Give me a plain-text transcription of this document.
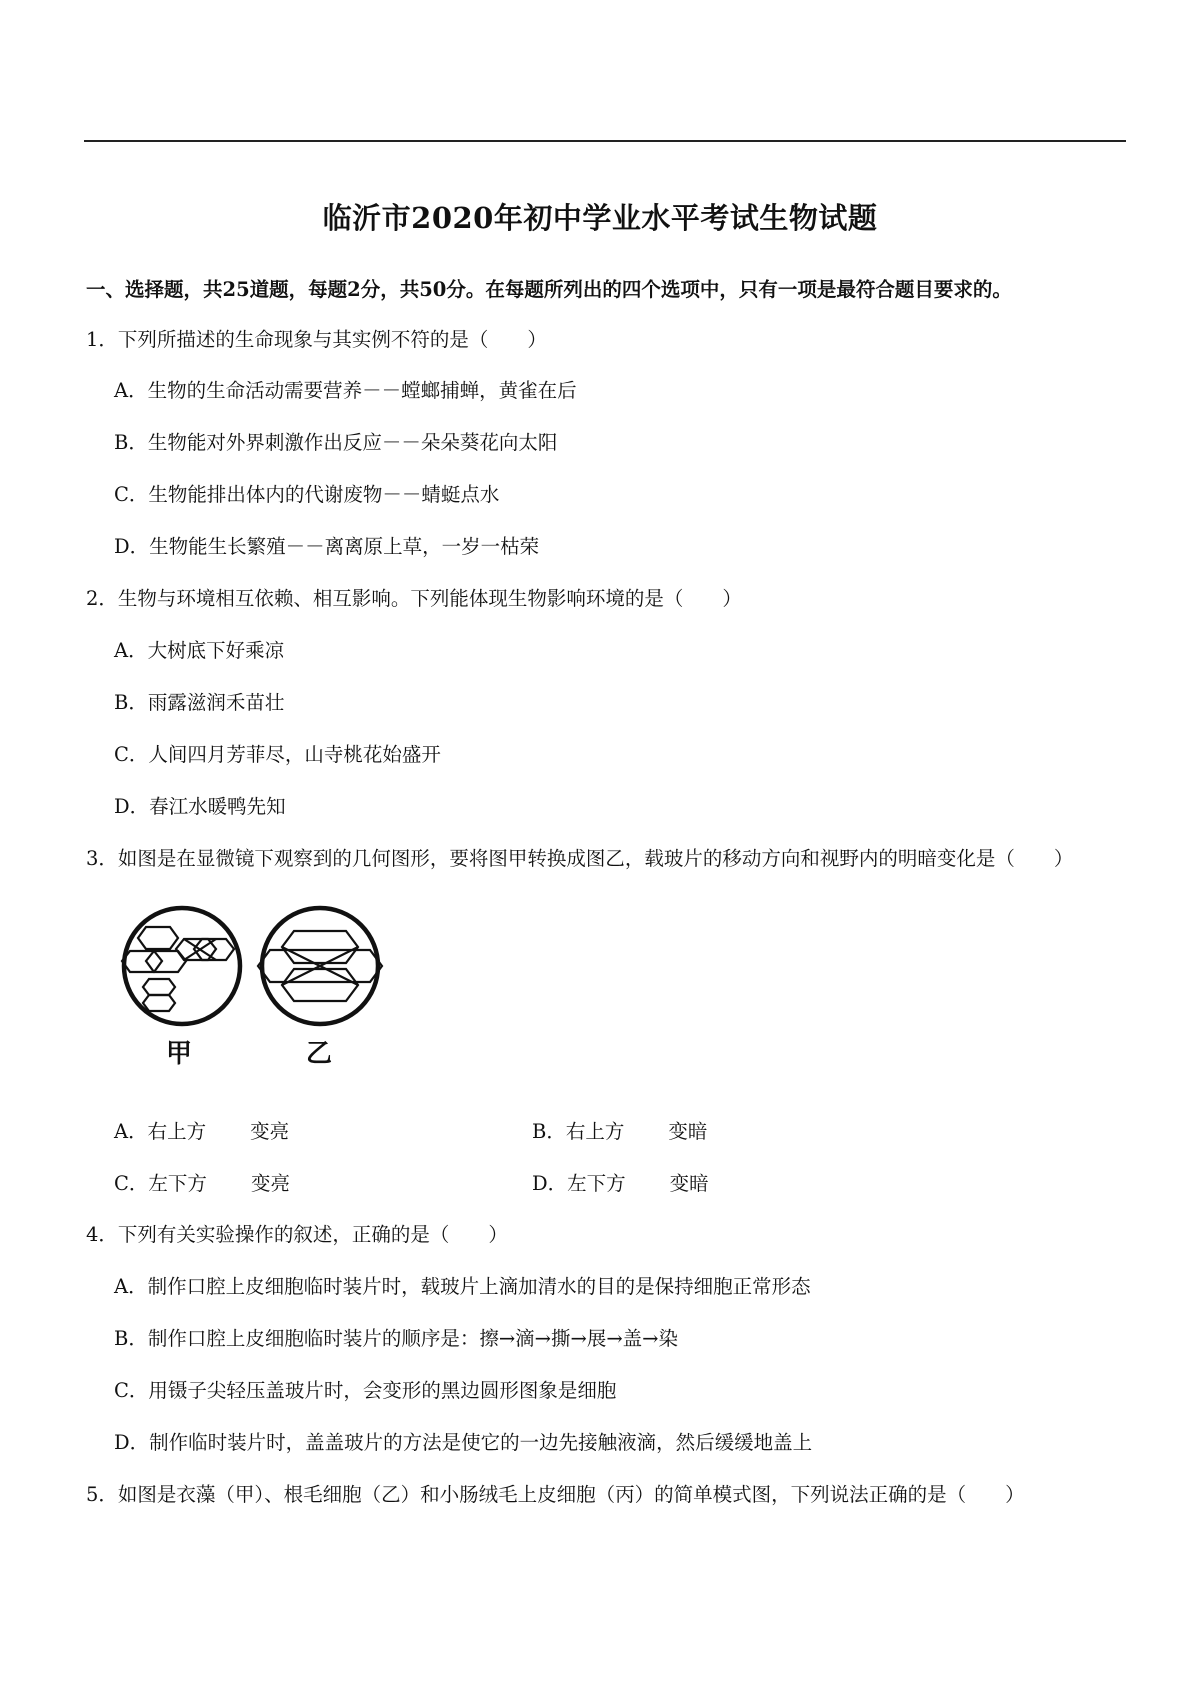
临沂市2020年初中学业水平考试生物试题
一、选择题，共25道题，每题2分，共50分。在每题所列出的四个选项中，只有一项是最符合题目要求的。
1．下列所描述的生命现象与其实例不符的是（　　）
A．生物的生命活动需要营养－－螳螂捕蝉，黄雀在后
B．生物能对外界刺激作出反应－－朵朵葵花向太阳
C．生物能排出体内的代谢废物－－蜻蜓点水
D．生物能生长繁殖－－离离原上草，一岁一枯荣
2．生物与环境相互依赖、相互影响。下列能体现生物影响环境的是（　　）
A．大树底下好乘凉
B．雨露滋润禾苗壮
C．人间四月芳菲尽，山寺桃花始盛开
D．春江水暖鸭先知
3．如图是在显微镜下观察到的几何图形，要将图甲转换成图乙，载玻片的移动方向和视野内的明暗变化是（　　）
甲	乙
A．右上方 变亮	B．右上方 变暗
C．左下方 变亮	D．左下方 变暗
4．下列有关实验操作的叙述，正确的是（　　）
A．制作口腔上皮细胞临时装片时，载玻片上滴加清水的目的是保持细胞正常形态
B．制作口腔上皮细胞临时装片的顺序是：擦→滴→撕→展→盖→染
C．用镊子尖轻压盖玻片时，会变形的黑边圆形图象是细胞
D．制作临时装片时，盖盖玻片的方法是使它的一边先接触液滴，然后缓缓地盖上
5．如图是衣藻（甲）、根毛细胞（乙）和小肠绒毛上皮细胞（丙）的简单模式图，下列说法正确的是（　　）
